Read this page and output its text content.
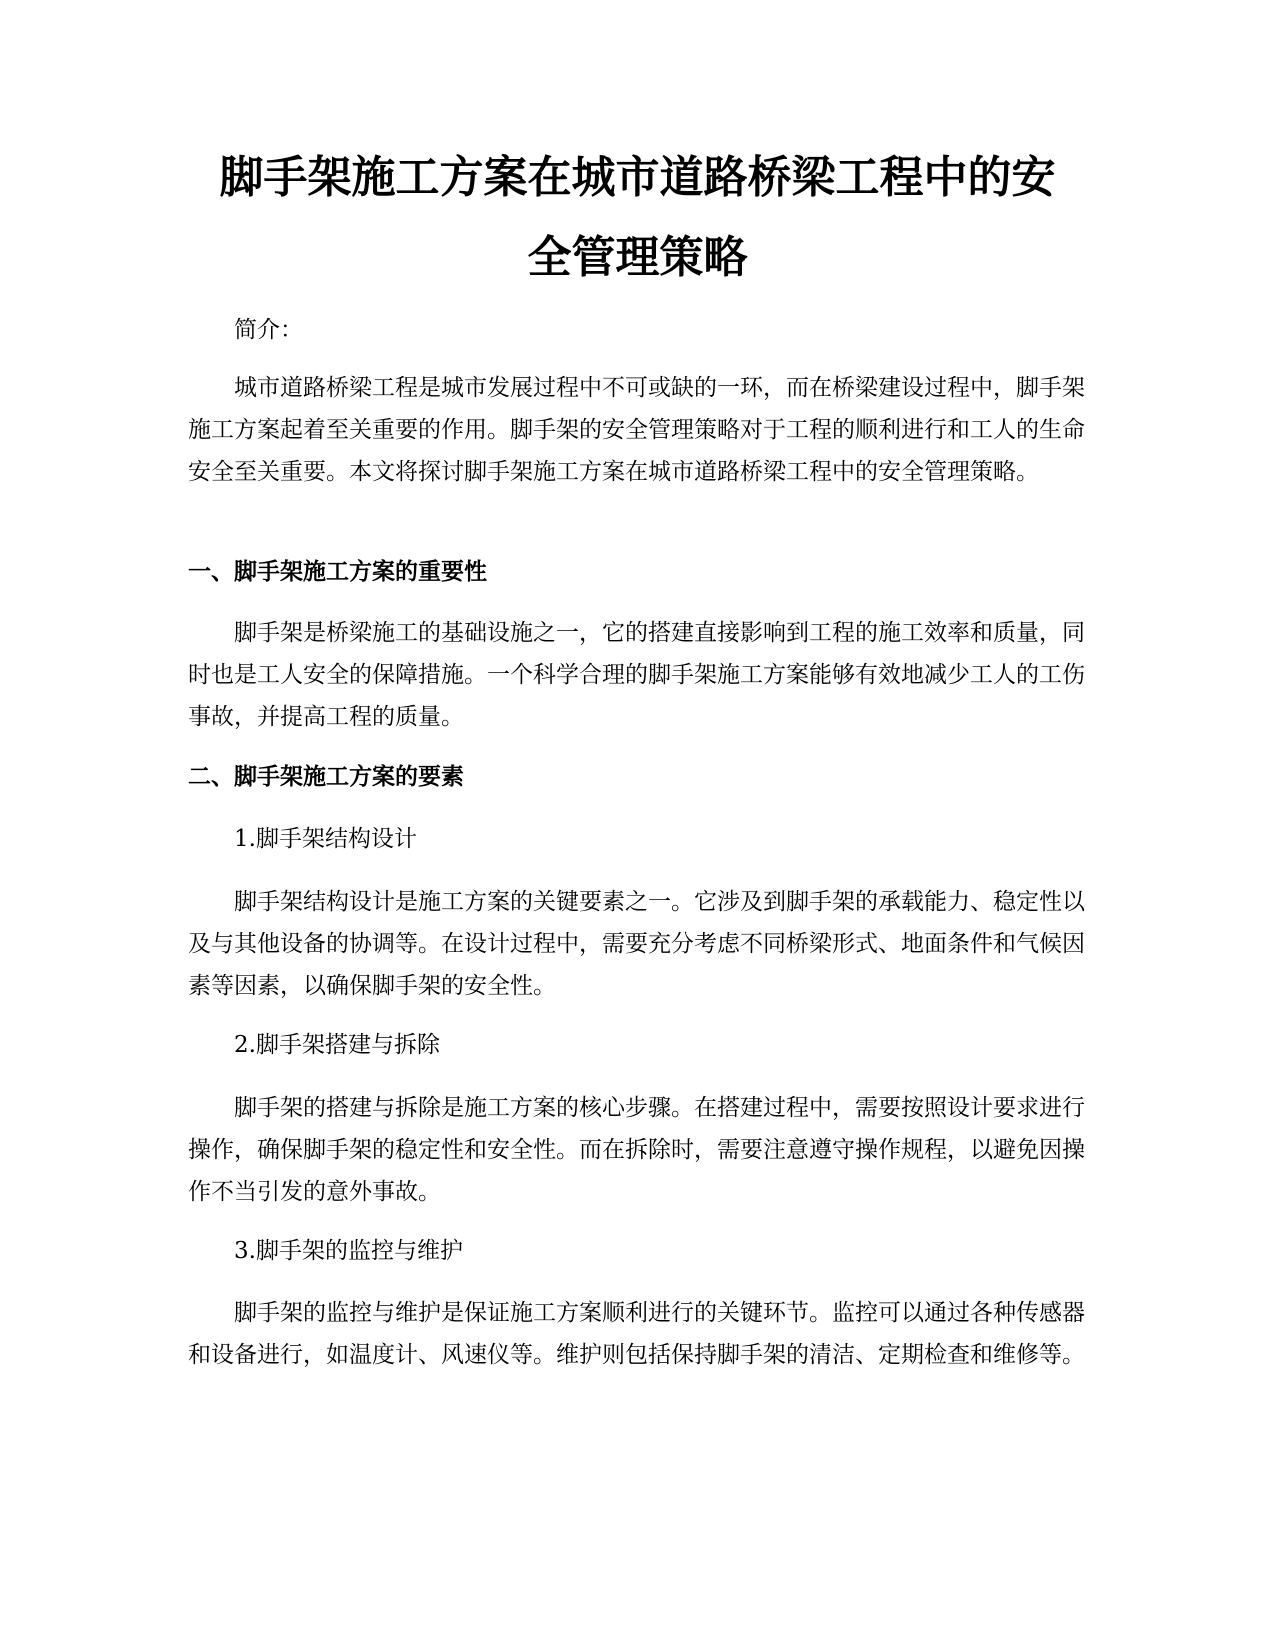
脚手架施工方案在城市道路桥梁工程中的安
全管理策略

简介：

城市道路桥梁工程是城市发展过程中不可或缺的一环，而在桥梁建设过程中，脚手架施工方案起着至关重要的作用。脚手架的安全管理策略对于工程的顺利进行和工人的生命安全至关重要。本文将探讨脚手架施工方案在城市道路桥梁工程中的安全管理策略。

一、脚手架施工方案的重要性

脚手架是桥梁施工的基础设施之一，它的搭建直接影响到工程的施工效率和质量，同时也是工人安全的保障措施。一个科学合理的脚手架施工方案能够有效地减少工人的工伤事故，并提高工程的质量。

二、脚手架施工方案的要素

1.脚手架结构设计

脚手架结构设计是施工方案的关键要素之一。它涉及到脚手架的承载能力、稳定性以及与其他设备的协调等。在设计过程中，需要充分考虑不同桥梁形式、地面条件和气候因素等因素，以确保脚手架的安全性。

2.脚手架搭建与拆除

脚手架的搭建与拆除是施工方案的核心步骤。在搭建过程中，需要按照设计要求进行操作，确保脚手架的稳定性和安全性。而在拆除时，需要注意遵守操作规程，以避免因操作不当引发的意外事故。

3.脚手架的监控与维护

脚手架的监控与维护是保证施工方案顺利进行的关键环节。监控可以通过各种传感器和设备进行，如温度计、风速仪等。维护则包括保持脚手架的清洁、定期检查和维修等。
